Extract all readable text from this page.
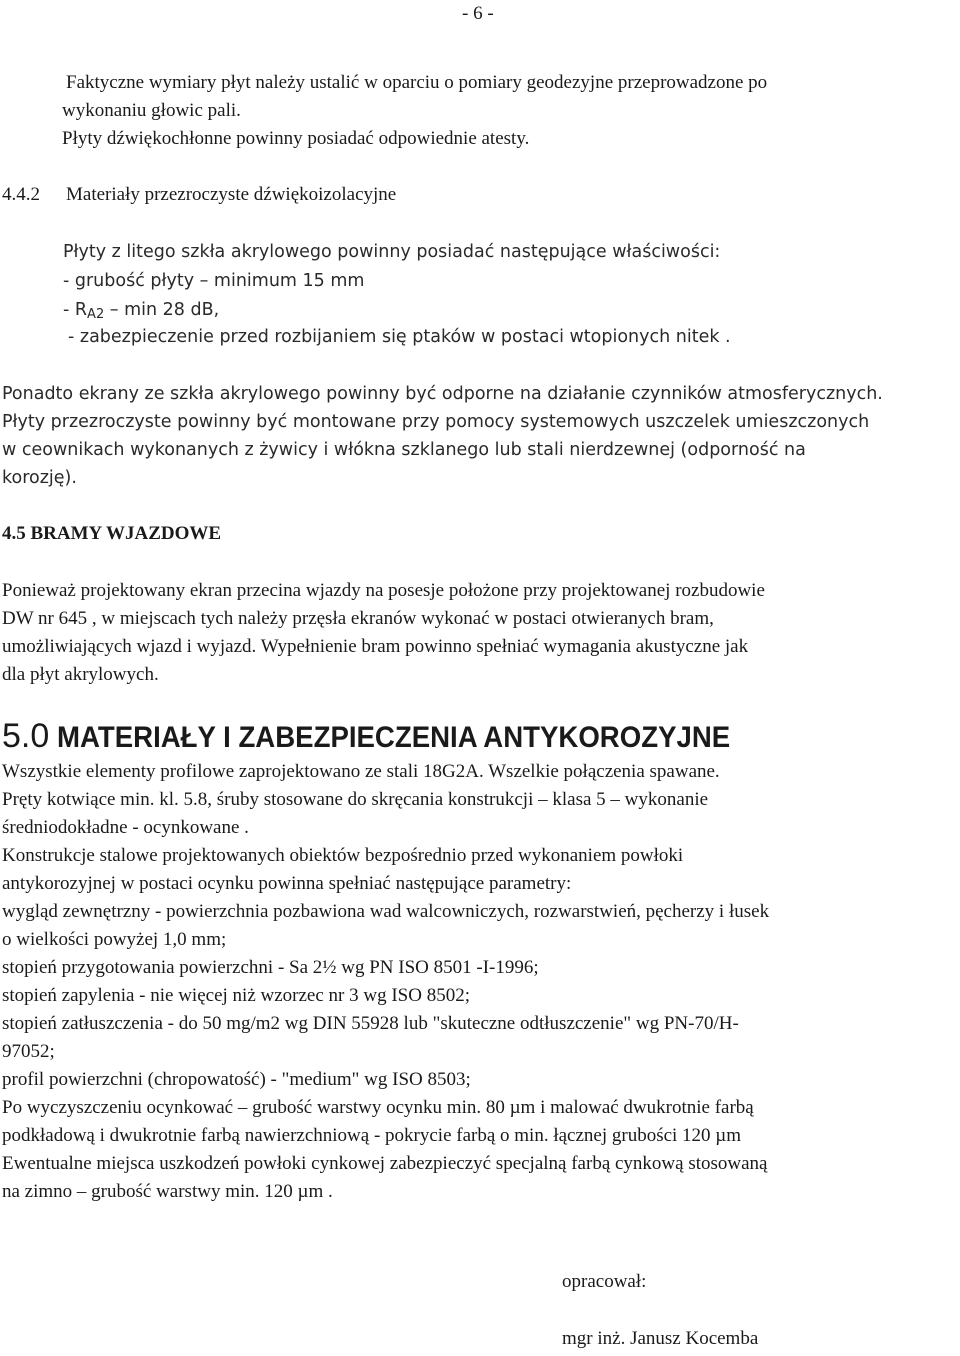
- 6 -
Faktyczne wymiary płyt należy ustalić w oparciu o pomiary geodezyjne przeprowadzone po
wykonaniu głowic pali.
Płyty dźwiękochłonne powinny posiadać odpowiednie atesty.
4.4.2 Materiały przezroczyste dźwiękoizolacyjne
Płyty z litego szkła akrylowego powinny posiadać następujące właściwości:
- grubość płyty – minimum 15 mm
- $R_{A2}$ – min 28 dB,
- zabezpieczenie przed rozbijaniem się ptaków w postaci wtopionych nitek .
Ponadto ekrany ze szkła akrylowego powinny być odporne na działanie czynników atmosferycznych.
Płyty przezroczyste powinny być montowane przy pomocy systemowych uszczelek umieszczonych
w ceownikach wykonanych z żywicy i włókna szklanego lub stali nierdzewnej (odporność na
korozję).
4.5 BRAMY WJAZDOWE
Ponieważ projektowany ekran przecina wjazdy na posesje położone przy projektowanej rozbudowie
DW nr 645 , w miejscach tych należy przęsła ekranów wykonać w postaci otwieranych bram,
umożliwiających wjazd i wyjazd. Wypełnienie bram powinno spełniać wymagania akustyczne jak
dla płyt akrylowych.
5.0 MATERIAŁY I ZABEZPIECZENIA ANTYKOROZYJNE
Wszystkie elementy profilowe zaprojektowano ze stali 18G2A. Wszelkie połączenia spawane.
Pręty kotwiące min. kl. 5.8, śruby stosowane do skręcania konstrukcji – klasa 5 – wykonanie
średniodokładne - ocynkowane .
Konstrukcje stalowe projektowanych obiektów bezpośrednio przed wykonaniem powłoki
antykorozyjnej w postaci ocynku powinna spełniać następujące parametry:
wygląd zewnętrzny - powierzchnia pozbawiona wad walcowniczych, rozwarstwień, pęcherzy i łusek
o wielkości powyżej 1,0 mm;
stopień przygotowania powierzchni - Sa 2½ wg PN ISO 8501 -I-1996;
stopień zapylenia - nie więcej niż wzorzec nr 3 wg ISO 8502;
stopień zatłuszczenia - do 50 mg/m2 wg DIN 55928 lub "skuteczne odtłuszczenie" wg PN-70/H-
97052;
profil powierzchni (chropowatość) - "medium" wg ISO 8503;
Po wyczyszczeniu ocynkować – grubość warstwy ocynku min. 80 µm i malować dwukrotnie farbą
podkładową i dwukrotnie farbą nawierzchniową - pokrycie farbą o min. łącznej grubości 120 µm
Ewentualne miejsca uszkodzeń powłoki cynkowej zabezpieczyć specjalną farbą cynkową stosowaną
na zimno – grubość warstwy min. 120 µm .
opracował:
mgr inż. Janusz Kocemba
